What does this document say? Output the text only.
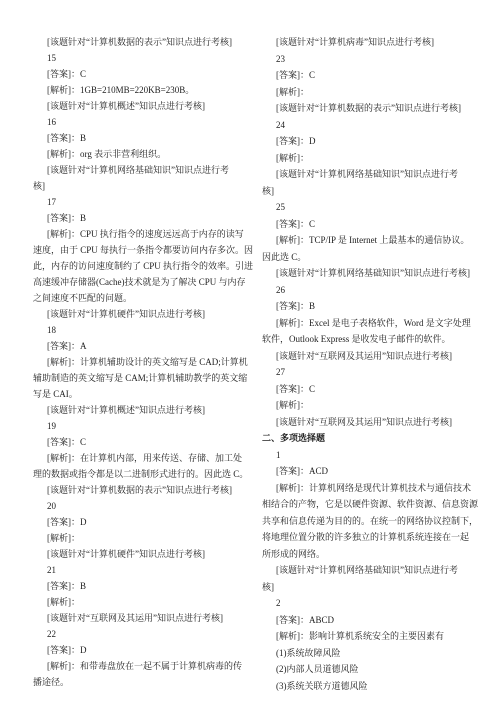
[该题针对“计算机数据的表示”知识点进行考核]
15
[答案]：C
[解析]：1GB=210MB=220KB=230B。
[该题针对“计算机概述”知识点进行考核]
16
[答案]：B
[解析]：org 表示非营利组织。
[该题针对“计算机网络基础知识”知识点进行考
核]
17
[答案]：B
[解析]：CPU 执行指令的速度远远高于内存的读写
速度，由于 CPU 每执行一条指令都要访问内存多次。因
此，内存的访问速度制约了 CPU 执行指令的效率。引进
高速缓冲存储器(Cache)技术就是为了解决 CPU 与内存
之间速度不匹配的问题。
[该题针对“计算机硬件”知识点进行考核]
18
[答案]：A
[解析]：计算机辅助设计的英文缩写是 CAD;计算机
辅助制造的英文缩写是 CAM;计算机辅助教学的英文缩
写是 CAI。
[该题针对“计算机概述”知识点进行考核]
19
[答案]：C
[解析]：在计算机内部，用来传送、存储、加工处
理的数据或指令都是以二进制形式进行的。因此选 C。
[该题针对“计算机数据的表示”知识点进行考核]
20
[答案]：D
[解析]：
[该题针对“计算机硬件”知识点进行考核]
21
[答案]：B
[解析]：
[该题针对“互联网及其运用”知识点进行考核]
22
[答案]：D
[解析]：和带毒盘放在一起不属于计算机病毒的传
播途径。
[该题针对“计算机病毒”知识点进行考核]
23
[答案]：C
[解析]：
[该题针对“计算机数据的表示”知识点进行考核]
24
[答案]：D
[解析]：
[该题针对“计算机网络基础知识”知识点进行考
核]
25
[答案]：C
[解析]：TCP/IP 是 Internet 上最基本的通信协议。
因此选 C。
[该题针对“计算机网络基础知识”知识点进行考核]
26
[答案]：B
[解析]：Excel 是电子表格软件，Word 是文字处理
软件，Outlook Express 是收发电子邮件的软件。
[该题针对“互联网及其运用”知识点进行考核]
27
[答案]：C
[解析]：
[该题针对“互联网及其运用”知识点进行考核]
二、多项选择题
1
[答案]：ACD
[解析]：计算机网络是现代计算机技术与通信技术
相结合的产物，它是以硬件资源、软件资源、信息资源
共享和信息传递为目的的。在统一的网络协议控制下，
将地理位置分散的许多独立的计算机系统连接在一起
所形成的网络。
[该题针对“计算机网络基础知识”知识点进行考
核]
2
[答案]：ABCD
[解析]：影响计算机系统安全的主要因素有
(1)系统故障风险
(2)内部人员道德风险
(3)系统关联方道德风险
